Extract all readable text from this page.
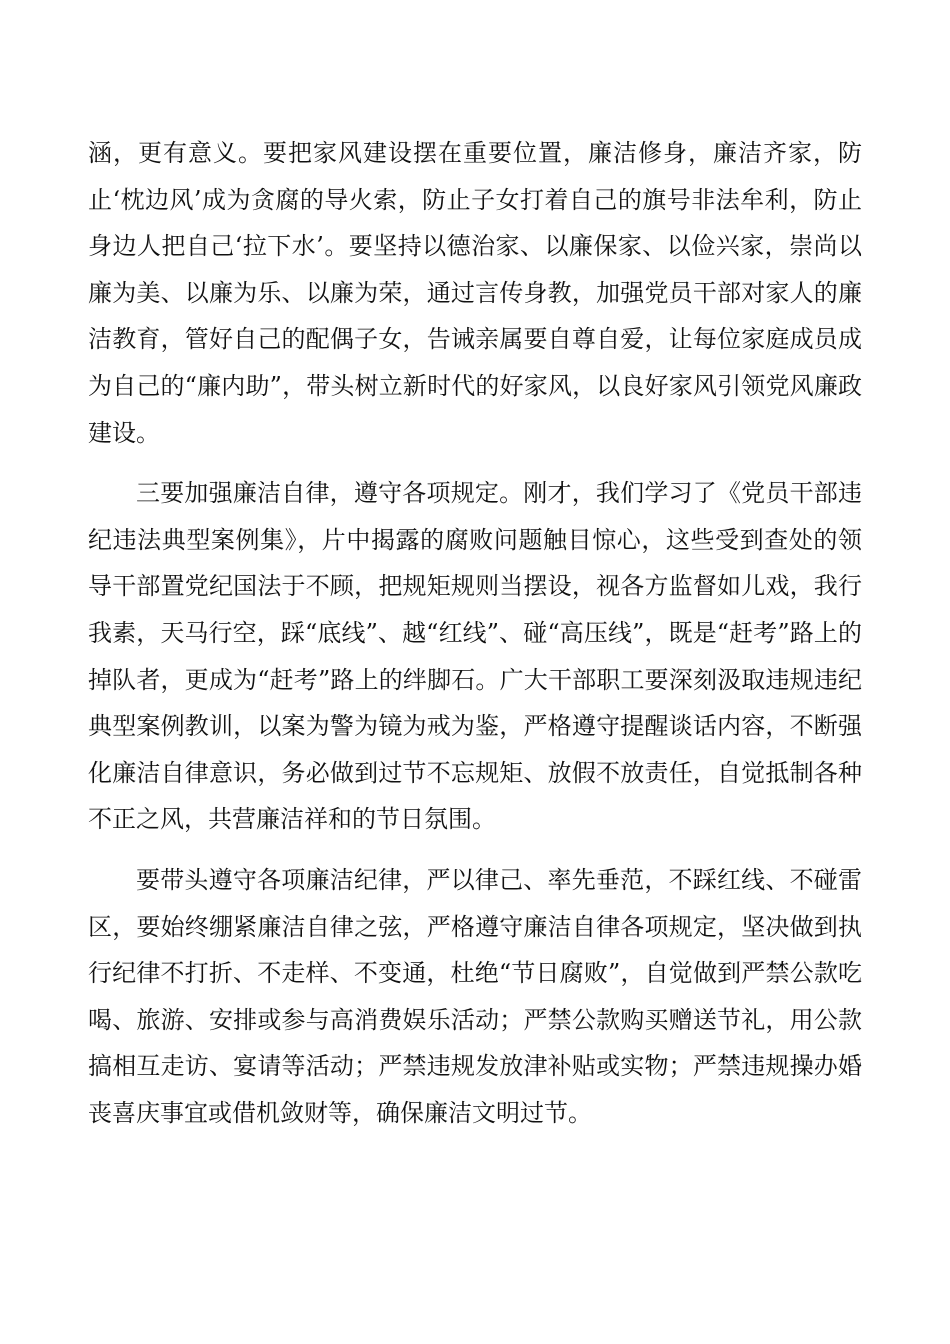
涵，更有意义。要把家风建设摆在重要位置，廉洁修身，廉洁齐家，防止‘枕边风’成为贪腐的导火索，防止子女打着自己的旗号非法牟利，防止身边人把自己‘拉下水’。要坚持以德治家、以廉保家、以俭兴家，崇尚以廉为美、以廉为乐、以廉为荣，通过言传身教，加强党员干部对家人的廉洁教育，管好自己的配偶子女，告诫亲属要自尊自爱，让每位家庭成员成为自己的“廉内助”，带头树立新时代的好家风，以良好家风引领党风廉政建设。

三要加强廉洁自律，遵守各项规定。刚才，我们学习了《党员干部违纪违法典型案例集》，片中揭露的腐败问题触目惊心，这些受到查处的领导干部置党纪国法于不顾，把规矩规则当摆设，视各方监督如儿戏，我行我素，天马行空，踩“底线”、越“红线”、碰“高压线”，既是“赶考”路上的掉队者，更成为“赶考”路上的绊脚石。广大干部职工要深刻汲取违规违纪典型案例教训，以案为警为镜为戒为鉴，严格遵守提醒谈话内容，不断强化廉洁自律意识，务必做到过节不忘规矩、放假不放责任，自觉抵制各种不正之风，共营廉洁祥和的节日氛围。

要带头遵守各项廉洁纪律，严以律己、率先垂范，不踩红线、不碰雷区，要始终绷紧廉洁自律之弦，严格遵守廉洁自律各项规定，坚决做到执行纪律不打折、不走样、不变通，杜绝“节日腐败”，自觉做到严禁公款吃喝、旅游、安排或参与高消费娱乐活动；严禁公款购买赠送节礼，用公款搞相互走访、宴请等活动；严禁违规发放津补贴或实物；严禁违规操办婚丧喜庆事宜或借机敛财等，确保廉洁文明过节。
